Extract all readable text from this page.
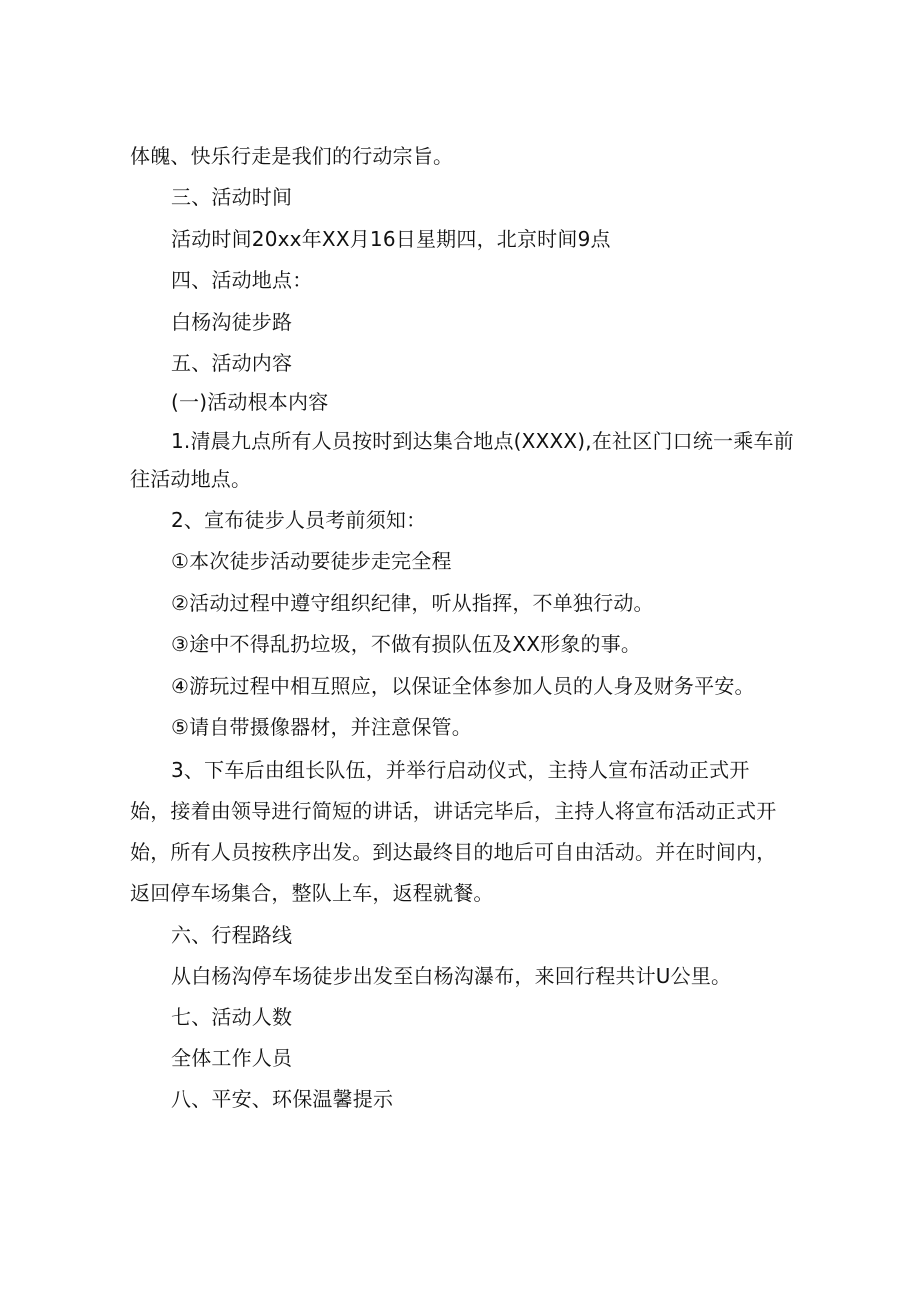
体魄、快乐行走是我们的行动宗旨。
三、活动时间
活动时间20xx年XX月16日星期四，北京时间9点
四、活动地点：
白杨沟徒步路
五、活动内容
(一)活动根本内容
1.清晨九点所有人员按时到达集合地点(XXXX),在社区门口统一乘车前
往活动地点。
2、宣布徒步人员考前须知：
①本次徒步活动要徒步走完全程
②活动过程中遵守组织纪律，听从指挥，不单独行动。
③途中不得乱扔垃圾，不做有损队伍及XX形象的事。
④游玩过程中相互照应，以保证全体参加人员的人身及财务平安。
⑤请自带摄像器材，并注意保管。
3、下车后由组长队伍，并举行启动仪式，主持人宣布活动正式开
始，接着由领导进行简短的讲话，讲话完毕后，主持人将宣布活动正式开
始，所有人员按秩序出发。到达最终目的地后可自由活动。并在时间内，
返回停车场集合，整队上车，返程就餐。
六、行程路线
从白杨沟停车场徒步出发至白杨沟瀑布，来回行程共计U公里。
七、活动人数
全体工作人员
八、平安、环保温馨提示
